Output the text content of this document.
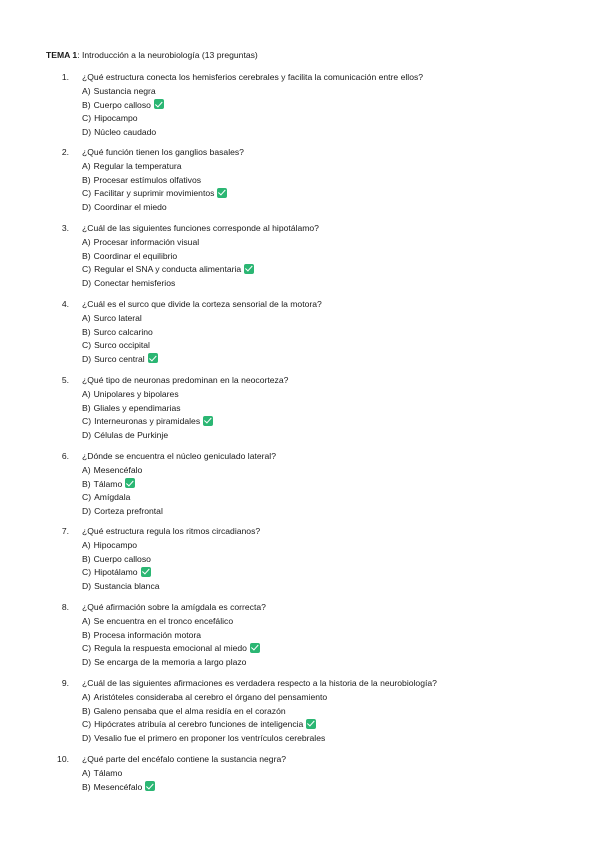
TEMA 1: Introducción a la neurobiología (13 preguntas)
1. ¿Qué estructura conecta los hemisferios cerebrales y facilita la comunicación entre ellos?
A) Sustancia negra
B) Cuerpo calloso
C) Hipocampo
D) Núcleo caudado
2. ¿Qué función tienen los ganglios basales?
A) Regular la temperatura
B) Procesar estímulos olfativos
C) Facilitar y suprimir movimientos
D) Coordinar el miedo
3. ¿Cuál de las siguientes funciones corresponde al hipotálamo?
A) Procesar información visual
B) Coordinar el equilibrio
C) Regular el SNA y conducta alimentaria
D) Conectar hemisferios
4. ¿Cuál es el surco que divide la corteza sensorial de la motora?
A) Surco lateral
B) Surco calcarino
C) Surco occipital
D) Surco central
5. ¿Qué tipo de neuronas predominan en la neocorteza?
A) Unipolares y bipolares
B) Gliales y ependimarias
C) Interneuronas y piramidales
D) Células de Purkinje
6. ¿Dónde se encuentra el núcleo geniculado lateral?
A) Mesencéfalo
B) Tálamo
C) Amígdala
D) Corteza prefrontal
7. ¿Qué estructura regula los ritmos circadianos?
A) Hipocampo
B) Cuerpo calloso
C) Hipotálamo
D) Sustancia blanca
8. ¿Qué afirmación sobre la amígdala es correcta?
A) Se encuentra en el tronco encefálico
B) Procesa información motora
C) Regula la respuesta emocional al miedo
D) Se encarga de la memoria a largo plazo
9. ¿Cuál de las siguientes afirmaciones es verdadera respecto a la historia de la neurobiología?
A) Aristóteles consideraba al cerebro el órgano del pensamiento
B) Galeno pensaba que el alma residía en el corazón
C) Hipócrates atribuía al cerebro funciones de inteligencia
D) Vesalio fue el primero en proponer los ventrículos cerebrales
10. ¿Qué parte del encéfalo contiene la sustancia negra?
A) Tálamo
B) Mesencéfalo
